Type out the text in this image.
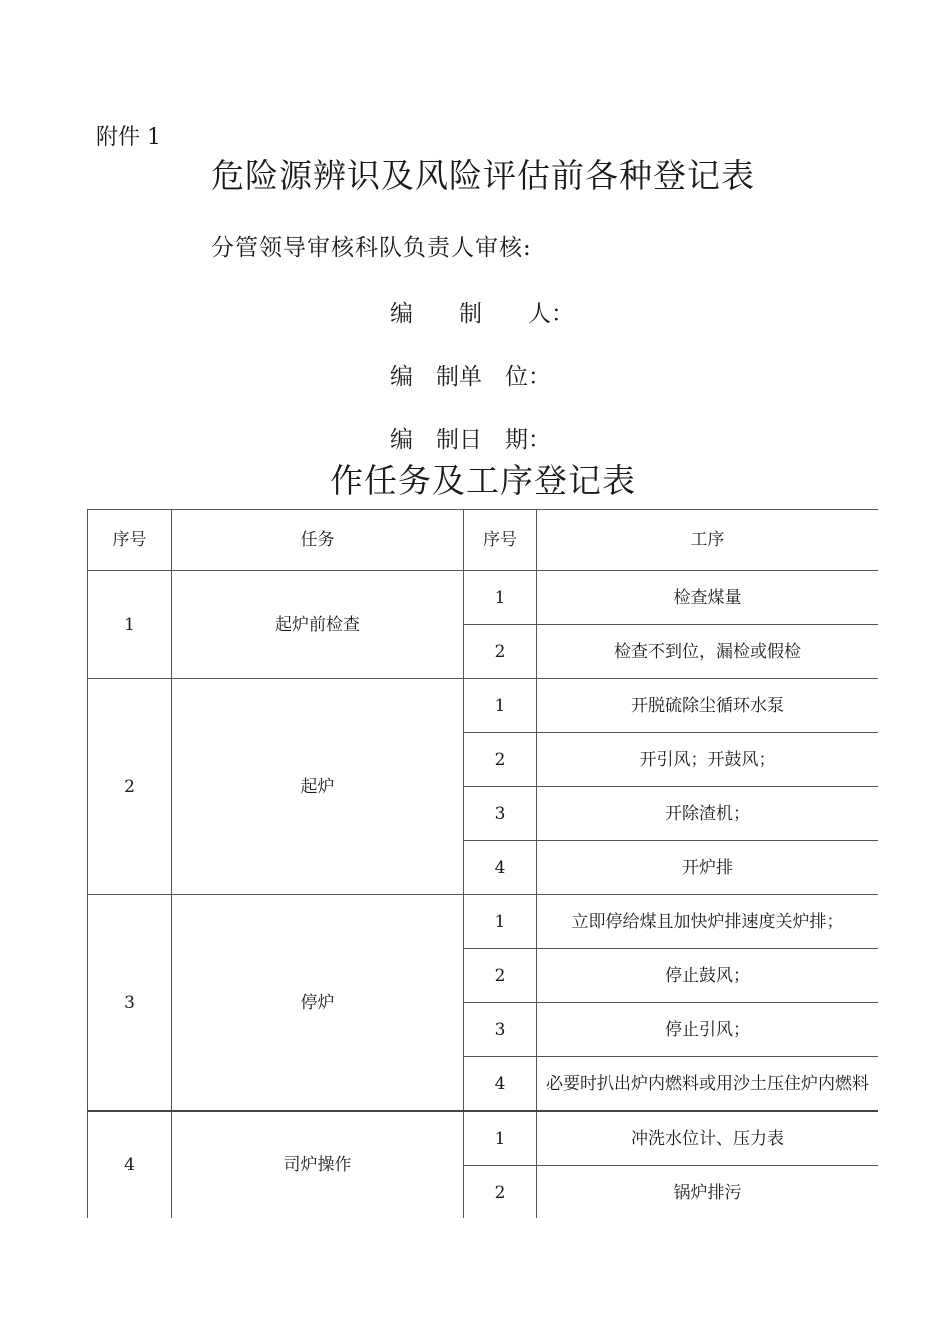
附件 1
危险源辨识及风险评估前各种登记表
分管领导审核科队负责人审核:
编　　制　　人：
编　制单　位：
编　制日　期：
作任务及工序登记表
序号	任务	序号	工序
1	起炉前检查	1	检查煤量
		2	检查不到位，漏检或假检
2	起炉	1	开脱硫除尘循环水泵
		2	开引风；开鼓风；
		3	开除渣机；
		4	开炉排
3	停炉	1	立即停给煤且加快炉排速度关炉排；
		2	停止鼓风；
		3	停止引风；
		4	必要时扒出炉内燃料或用沙土压住炉内燃料
4	司炉操作	1	冲洗水位计、压力表
		2	锅炉排污
